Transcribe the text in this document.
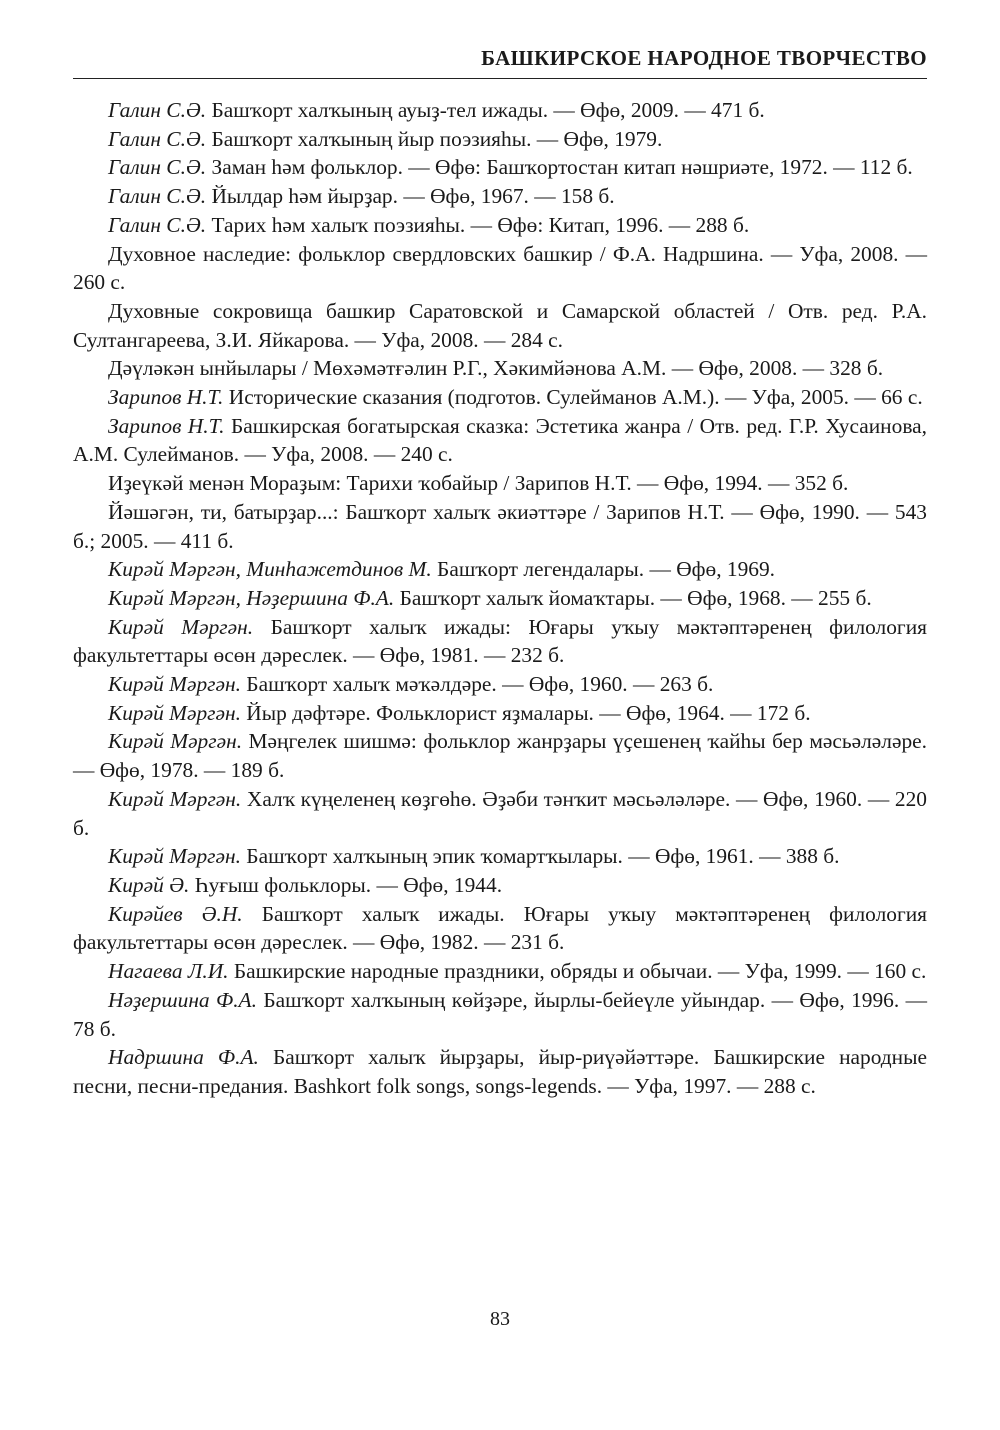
БАШКИРСКОЕ НАРОДНОЕ ТВОРЧЕСТВО

Галин С.Ә. Башҡорт халҡының ауыҙ-тел ижады. — Өфө, 2009. — 471 б.

Галин С.Ә. Башҡорт халҡының йыр поэзияһы. — Өфө, 1979.

Галин С.Ә. Заман һәм фольклор. — Өфө: Башҡортостан китап нәшриәте, 1972. — 112 б.

Галин С.Ә. Йылдар һәм йырҙар. — Өфө, 1967. — 158 б.

Галин С.Ә. Тарих һәм халыҡ поэзияһы. — Өфө: Китап, 1996. — 288 б.

Духовное наследие: фольклор свердловских башкир / Ф.А. Надршина. — Уфа, 2008. — 260 с.

Духовные сокровища башкир Саратовской и Самарской областей / Отв. ред. Р.А. Султангареева, З.И. Яйкарова. — Уфа, 2008. — 284 с.

Дәүләкән ынйылары / Мөхәмәтғәлин Р.Г., Хәкимйәнова А.М. — Өфө, 2008. — 328 б.

Зарипов Н.Т. Исторические сказания (подготов. Сулейманов А.М.). — Уфа, 2005. — 66 с.

Зарипов Н.Т. Башкирская богатырская сказка: Эстетика жанра / Отв. ред. Г.Р. Хусаинова, А.М. Сулейманов. — Уфа, 2008. — 240 с.

Иҙеүкәй менән Мораҙым: Тарихи ҡобайыр / Зарипов Н.Т. — Өфө, 1994. — 352 б.

Йәшәгән, ти, батырҙар...: Башҡорт халыҡ әкиәттәре / Зарипов Н.Т. — Өфө, 1990. — 543 б.; 2005. — 411 б.

Кирәй Мәргән, Минһажетдинов М. Башҡорт легендалары. — Өфө, 1969.

Кирәй Мәргән, Нәҙершина Ф.А. Башҡорт халыҡ йомаҡтары. — Өфө, 1968. — 255 б.

Кирәй Мәргән. Башҡорт халыҡ ижады: Юғары уҡыу мәктәптәренең филология факультеттары өсөн дәреслек. — Өфө, 1981. — 232 б.

Кирәй Мәргән. Башҡорт халыҡ мәҡәлдәре. — Өфө, 1960. — 263 б.

Кирәй Мәргән. Йыр дәфтәре. Фольклорист яҙмалары. — Өфө, 1964. — 172 б.

Кирәй Мәргән. Мәңгелек шишмә: фольклор жанрҙары үҫешенең ҡайһы бер мәсьәләләре. — Өфө, 1978. — 189 б.

Кирәй Мәргән. Халҡ күңеленең көҙгөһө. Әҙәби тәнҡит мәсьәләләре. — Өфө, 1960. — 220 б.

Кирәй Мәргән. Башҡорт халҡының эпик ҡомартҡылары. — Өфө, 1961. — 388 б.

Кирәй Ә. Һуғыш фольклоры. — Өфө, 1944.

Кирәйев Ә.Н. Башҡорт халыҡ ижады. Юғары уҡыу мәктәптәренең филология факультеттары өсөн дәреслек. — Өфө, 1982. — 231 б.

Нагаева Л.И. Башкирские народные праздники, обряды и обычаи. — Уфа, 1999. — 160 с.

Нәҙершина Ф.А. Башҡорт халҡының көйҙәре, йырлы-бейеүле уйындар. — Өфө, 1996. — 78 б.

Надршина Ф.А. Башҡорт халыҡ йырҙары, йыр-риүәйәттәре. Башкирские народные песни, песни-предания. Bashkort folk songs, songs-legends. — Уфа, 1997. — 288 с.

83
